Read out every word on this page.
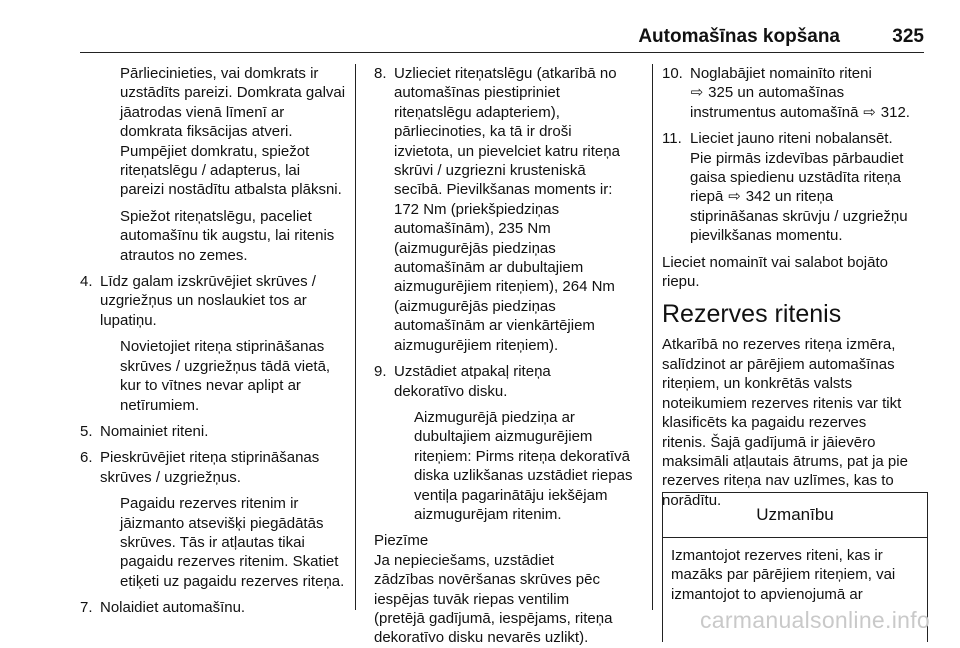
Automašīnas kopšana	325
Pārliecinieties, vai domkrats ir
uzstādīts pareizi. Domkrata galvai
jāatrodas vienā līmenī ar
domkrata fiksācijas atveri.
Pumpējiet domkratu, spiežot
riteņatslēgu / adapterus, lai
pareizi nostādītu atbalsta plāksni.
Spiežot riteņatslēgu, paceliet
automašīnu tik augstu, lai ritenis
atrautos no zemes.
4. Līdz galam izskrūvējiet skrūves /
uzgriežņus un noslaukiet tos ar
lupatiņu.
Novietojiet riteņa stiprināšanas
skrūves / uzgriežņus tādā vietā,
kur to vītnes nevar aplipt ar
netīrumiem.
5. Nomainiet riteni.
6. Pieskrūvējiet riteņa stiprināšanas
skrūves / uzgriežņus.
Pagaidu rezerves ritenim ir
jāizmanto atsevišķi piegādātās
skrūves. Tās ir atļautas tikai
pagaidu rezerves ritenim. Skatiet
etiķeti uz pagaidu rezerves riteņa.
7. Nolaidiet automašīnu.
8. Uzlieciet riteņatslēgu (atkarībā no
automašīnas piestipriniet
riteņatslēgu adapteriem),
pārliecinoties, ka tā ir droši
izvietota, un pievelciet katru riteņa
skrūvi / uzgriezni krusteniskā
secībā. Pievilkšanas moments ir:
172 Nm (priekšpiedziņas
automašīnām), 235 Nm
(aizmugurējās piedziņas
automašīnām ar dubultajiem
aizmugurējiem riteņiem), 264 Nm
(aizmugurējās piedziņas
automašīnām ar vienkārtējiem
aizmugurējiem riteņiem).
9. Uzstādiet atpakaļ riteņa
dekoratīvo disku.
Aizmugurējā piedziņa ar
dubultajiem aizmugurējiem
riteņiem: Pirms riteņa dekoratīvā
diska uzlikšanas uzstādiet riepas
ventiļa pagarinātāju iekšējam
aizmugurējam ritenim.
Piezīme
Ja nepieciešams, uzstādiet
zādzības novēršanas skrūves pēc
iespējas tuvāk riepas ventilim
(pretējā gadījumā, iespējams, riteņa
dekoratīvo disku nevarēs uzlikt).
10. Noglabājiet nomainīto riteni
⇨ 325 un automašīnas
instrumentus automašīnā ⇨ 312.
11. Lieciet jauno riteni nobalansēt.
Pie pirmās izdevības pārbaudiet
gaisa spiedienu uzstādīta riteņa
riepā ⇨ 342 un riteņa
stiprināšanas skrūvju / uzgriežņu
pievilkšanas momentu.
Lieciet nomainīt vai salabot bojāto
riepu.
Rezerves ritenis
Atkarībā no rezerves riteņa izmēra,
salīdzinot ar pārējiem automašīnas
riteņiem, un konkrētās valsts
noteikumiem rezerves ritenis var tikt
klasificēts ka pagaidu rezerves
ritenis. Šajā gadījumā ir jāievēro
maksimāli atļautais ātrums, pat ja pie
rezerves riteņa nav uzlīmes, kas to
norādītu.
Uzmanību
Izmantojot rezerves riteni, kas ir
mazāks par pārējiem riteņiem, vai
izmantojot to apvienojumā ar
carmanualsonline.info
